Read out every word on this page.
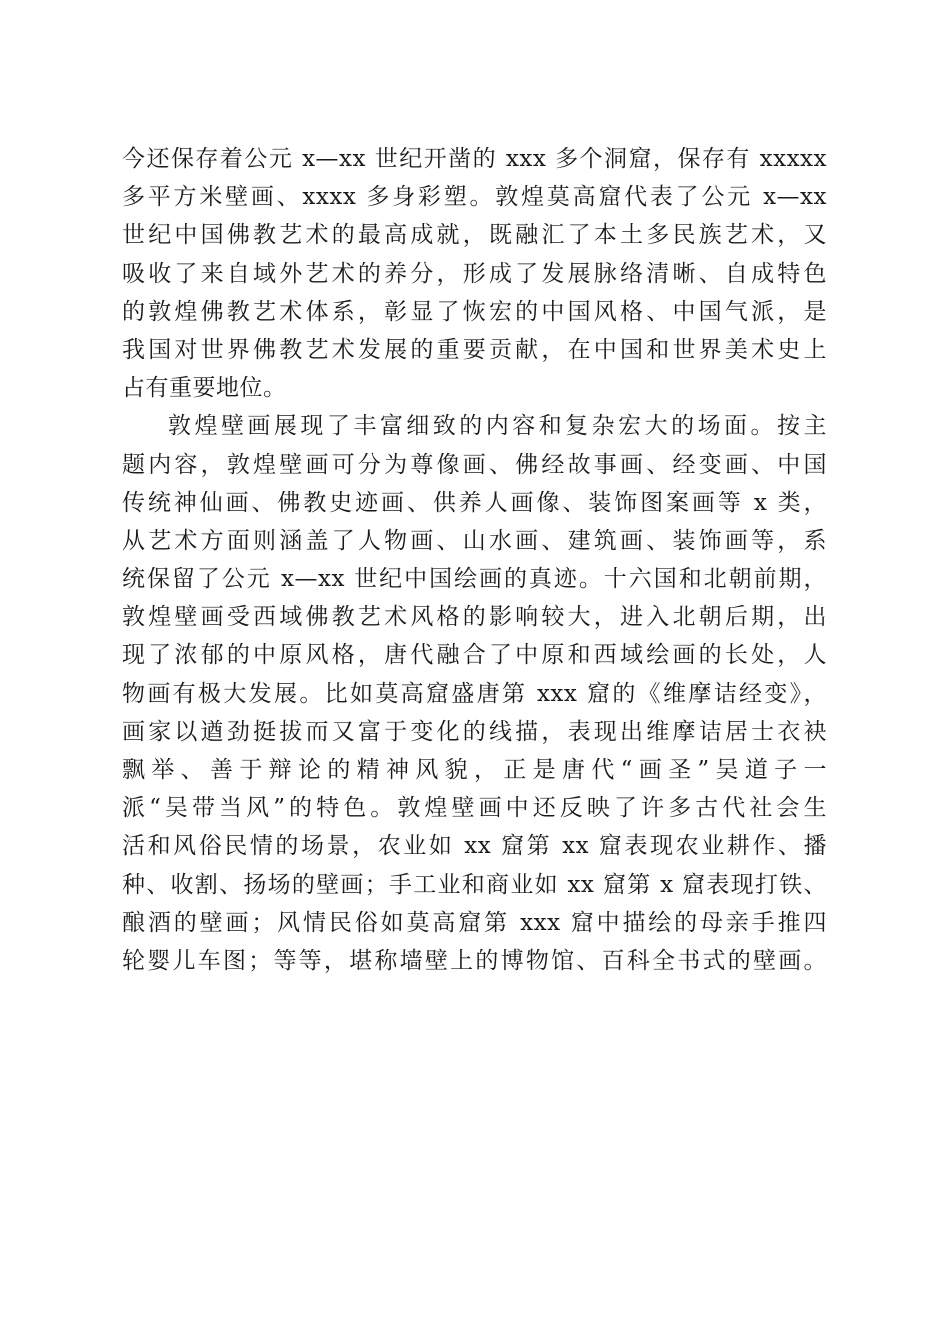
今还保存着公元 x—xx 世纪开凿的 xxx 多个洞窟，保存有 xxxxx
多平方米壁画、xxxx 多身彩塑。敦煌莫高窟代表了公元 x—xx
世纪中国佛教艺术的最高成就，既融汇了本土多民族艺术，又
吸收了来自域外艺术的养分，形成了发展脉络清晰、自成特色
的敦煌佛教艺术体系，彰显了恢宏的中国风格、中国气派，是
我国对世界佛教艺术发展的重要贡献，在中国和世界美术史上
占有重要地位。
敦煌壁画展现了丰富细致的内容和复杂宏大的场面。按主
题内容，敦煌壁画可分为尊像画、佛经故事画、经变画、中国
传统神仙画、佛教史迹画、供养人画像、装饰图案画等 x 类，
从艺术方面则涵盖了人物画、山水画、建筑画、装饰画等，系
统保留了公元 x—xx 世纪中国绘画的真迹。十六国和北朝前期，
敦煌壁画受西域佛教艺术风格的影响较大，进入北朝后期，出
现了浓郁的中原风格，唐代融合了中原和西域绘画的长处，人
物画有极大发展。比如莫高窟盛唐第 xxx 窟的《维摩诘经变》，
画家以遒劲挺拔而又富于变化的线描，表现出维摩诘居士衣袂
飘举、善于辩论的精神风貌，正是唐代“画圣”吴道子一
派“吴带当风”的特色。敦煌壁画中还反映了许多古代社会生
活和风俗民情的场景，农业如 xx 窟第 xx 窟表现农业耕作、播
种、收割、扬场的壁画；手工业和商业如 xx 窟第 x 窟表现打铁、
酿酒的壁画；风情民俗如莫高窟第 xxx 窟中描绘的母亲手推四
轮婴儿车图；等等，堪称墙壁上的博物馆、百科全书式的壁画。
